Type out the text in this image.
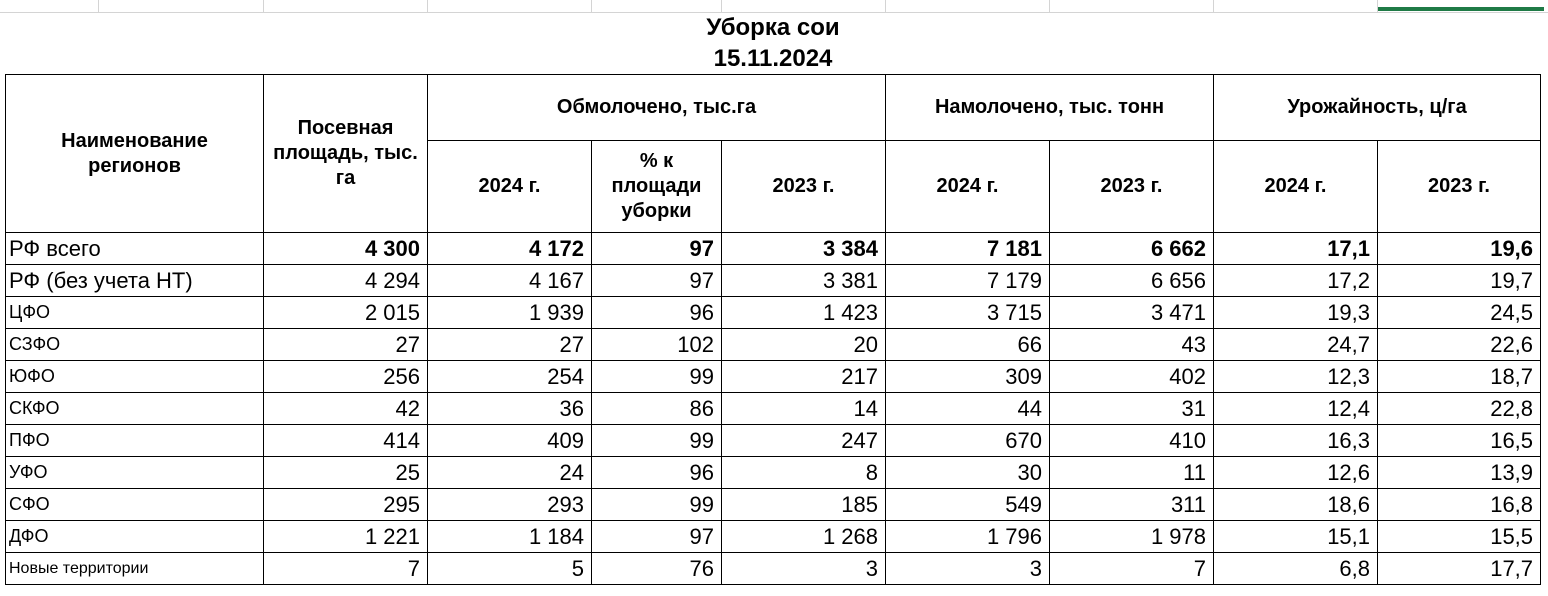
Уборка сои
15.11.2024
Наименование регионов	Посевная площадь, тыс. га	Обмолочено, тыс.га			Намолочено, тыс. тонн		Урожайность, ц/га	
		2024 г.	% к площади уборки	2023 г.	2024 г.	2023 г.	2024 г.	2023 г.
РФ всего	4 300	4 172	97	3 384	7 181	6 662	17,1	19,6
РФ (без учета НТ)	4 294	4 167	97	3 381	7 179	6 656	17,2	19,7
ЦФО	2 015	1 939	96	1 423	3 715	3 471	19,3	24,5
СЗФО	27	27	102	20	66	43	24,7	22,6
ЮФО	256	254	99	217	309	402	12,3	18,7
СКФО	42	36	86	14	44	31	12,4	22,8
ПФО	414	409	99	247	670	410	16,3	16,5
УФО	25	24	96	8	30	11	12,6	13,9
СФО	295	293	99	185	549	311	18,6	16,8
ДФО	1 221	1 184	97	1 268	1 796	1 978	15,1	15,5
Новые территории	7	5	76	3	3	7	6,8	17,7
